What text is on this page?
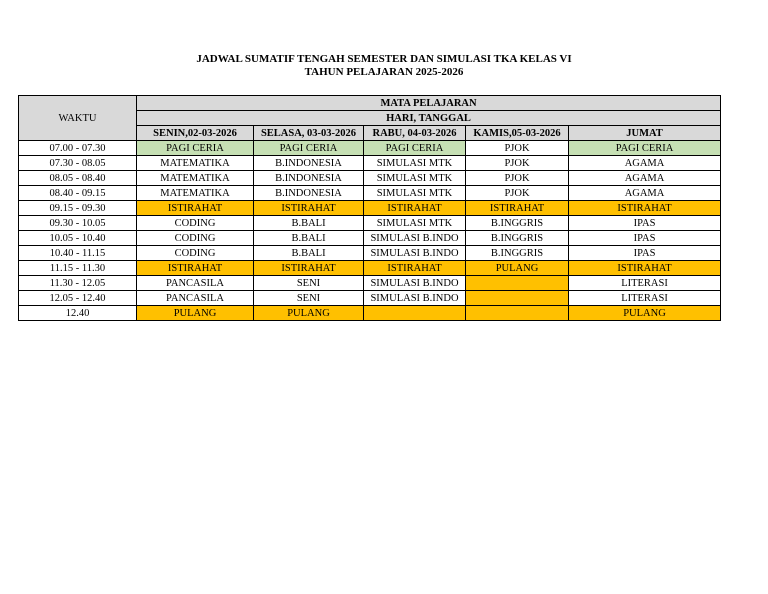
JADWAL SUMATIF TENGAH SEMESTER DAN SIMULASI TKA KELAS VI
TAHUN PELAJARAN 2025-2026
WAKTU	MATA PELAJARAN				
	HARI, TANGGAL				
	SENIN,02-03-2026	SELASA, 03-03-2026	RABU, 04-03-2026	KAMIS,05-03-2026	JUMAT
07.00 - 07.30	PAGI CERIA	PAGI CERIA	PAGI CERIA	PJOK	PAGI CERIA
07.30 - 08.05	MATEMATIKA	B.INDONESIA	SIMULASI MTK	PJOK	AGAMA
08.05 - 08.40	MATEMATIKA	B.INDONESIA	SIMULASI MTK	PJOK	AGAMA
08.40 - 09.15	MATEMATIKA	B.INDONESIA	SIMULASI MTK	PJOK	AGAMA
09.15 - 09.30	ISTIRAHAT	ISTIRAHAT	ISTIRAHAT	ISTIRAHAT	ISTIRAHAT
09.30 - 10.05	CODING	B.BALI	SIMULASI MTK	B.INGGRIS	IPAS
10.05 - 10.40	CODING	B.BALI	SIMULASI B.INDO	B.INGGRIS	IPAS
10.40 - 11.15	CODING	B.BALI	SIMULASI B.INDO	B.INGGRIS	IPAS
11.15 - 11.30	ISTIRAHAT	ISTIRAHAT	ISTIRAHAT	PULANG	ISTIRAHAT
11.30 - 12.05	PANCASILA	SENI	SIMULASI B.INDO		LITERASI
12.05 - 12.40	PANCASILA	SENI	SIMULASI B.INDO		LITERASI
12.40	PULANG	PULANG			PULANG
